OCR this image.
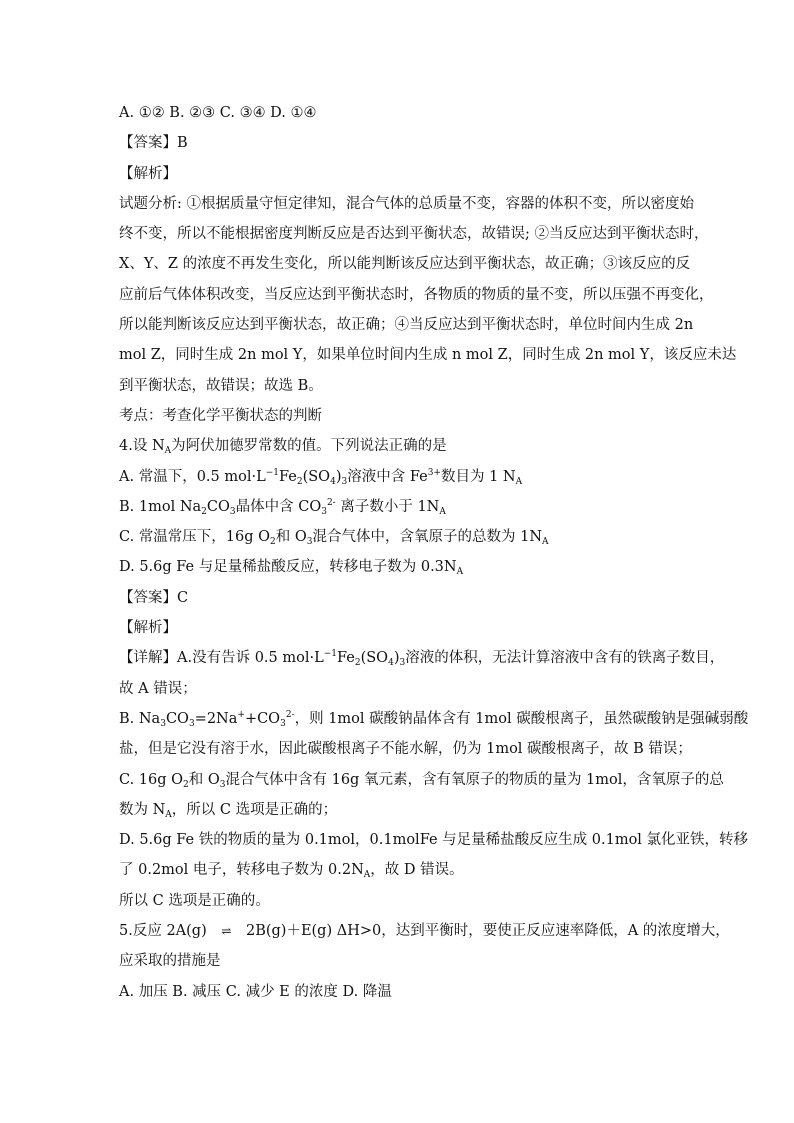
A. ①② B. ②③ C. ③④ D. ①④
【答案】B
【解析】
试题分析: ①根据质量守恒定律知，混合气体的总质量不变，容器的体积不变，所以密度始
终不变，所以不能根据密度判断反应是否达到平衡状态，故错误; ②当反应达到平衡状态时，
X、Y、Z 的浓度不再发生变化，所以能判断该反应达到平衡状态，故正确；③该反应的反
应前后气体体积改变，当反应达到平衡状态时，各物质的物质的量不变，所以压强不再变化，
所以能判断该反应达到平衡状态，故正确；④当反应达到平衡状态时，单位时间内生成 2n
mol Z，同时生成 2n mol Y，如果单位时间内生成 n mol Z，同时生成 2n mol Y，该反应未达
到平衡状态，故错误；故选 B。
考点：考查化学平衡状态的判断
4.设 $N_A$为阿伏加德罗常数的值。下列说法正确的是
A. 常温下，0.5 $mol\cdot L^{-1}Fe_2(SO_4)_3$溶液中含 $Fe^{3+}$数目为 1 $N_A$
B. 1mol $Na_2CO_3$晶体中含 $CO_3^{2-}$ 离子数小于 $1N_A$
C. 常温常压下，16g $O_2$和 $O_3$混合气体中，含氧原子的总数为 $1N_A$
D. 5.6g Fe 与足量稀盐酸反应，转移电子数为 $0.3N_A$
【答案】C
【解析】
【详解】A.没有告诉 0.5 $mol\cdot L^{-1}Fe_2(SO_4)_3$溶液的体积，无法计算溶液中含有的铁离子数目，
故 A 错误；
B. $Na_3CO_3=2Na^++CO_3^{2-}$，则 1mol 碳酸钠晶体含有 1mol 碳酸根离子，虽然碳酸钠是强碱弱酸
盐，但是它没有溶于水，因此碳酸根离子不能水解，仍为 1mol 碳酸根离子，故 B 错误；
C. 16g $O_2$和 $O_3$混合气体中含有 16g 氧元素，含有氧原子的物质的量为 1mol，含氧原子的总
数为 $N_A$，所以 C 选项是正确的；
D. 5.6g Fe 铁的物质的量为 0.1mol，0.1molFe 与足量稀盐酸反应生成 0.1mol 氯化亚铁，转移
了 0.2mol 电子，转移电子数为 $0.2N_A$，故 D 错误。
所以 C 选项是正确的。
5.反应 2A(g) ⇌ 2B(g)＋E(g) ΔH>0，达到平衡时，要使正反应速率降低，A 的浓度增大，
应采取的措施是
A. 加压 B. 减压 C. 减少 E 的浓度 D. 降温
